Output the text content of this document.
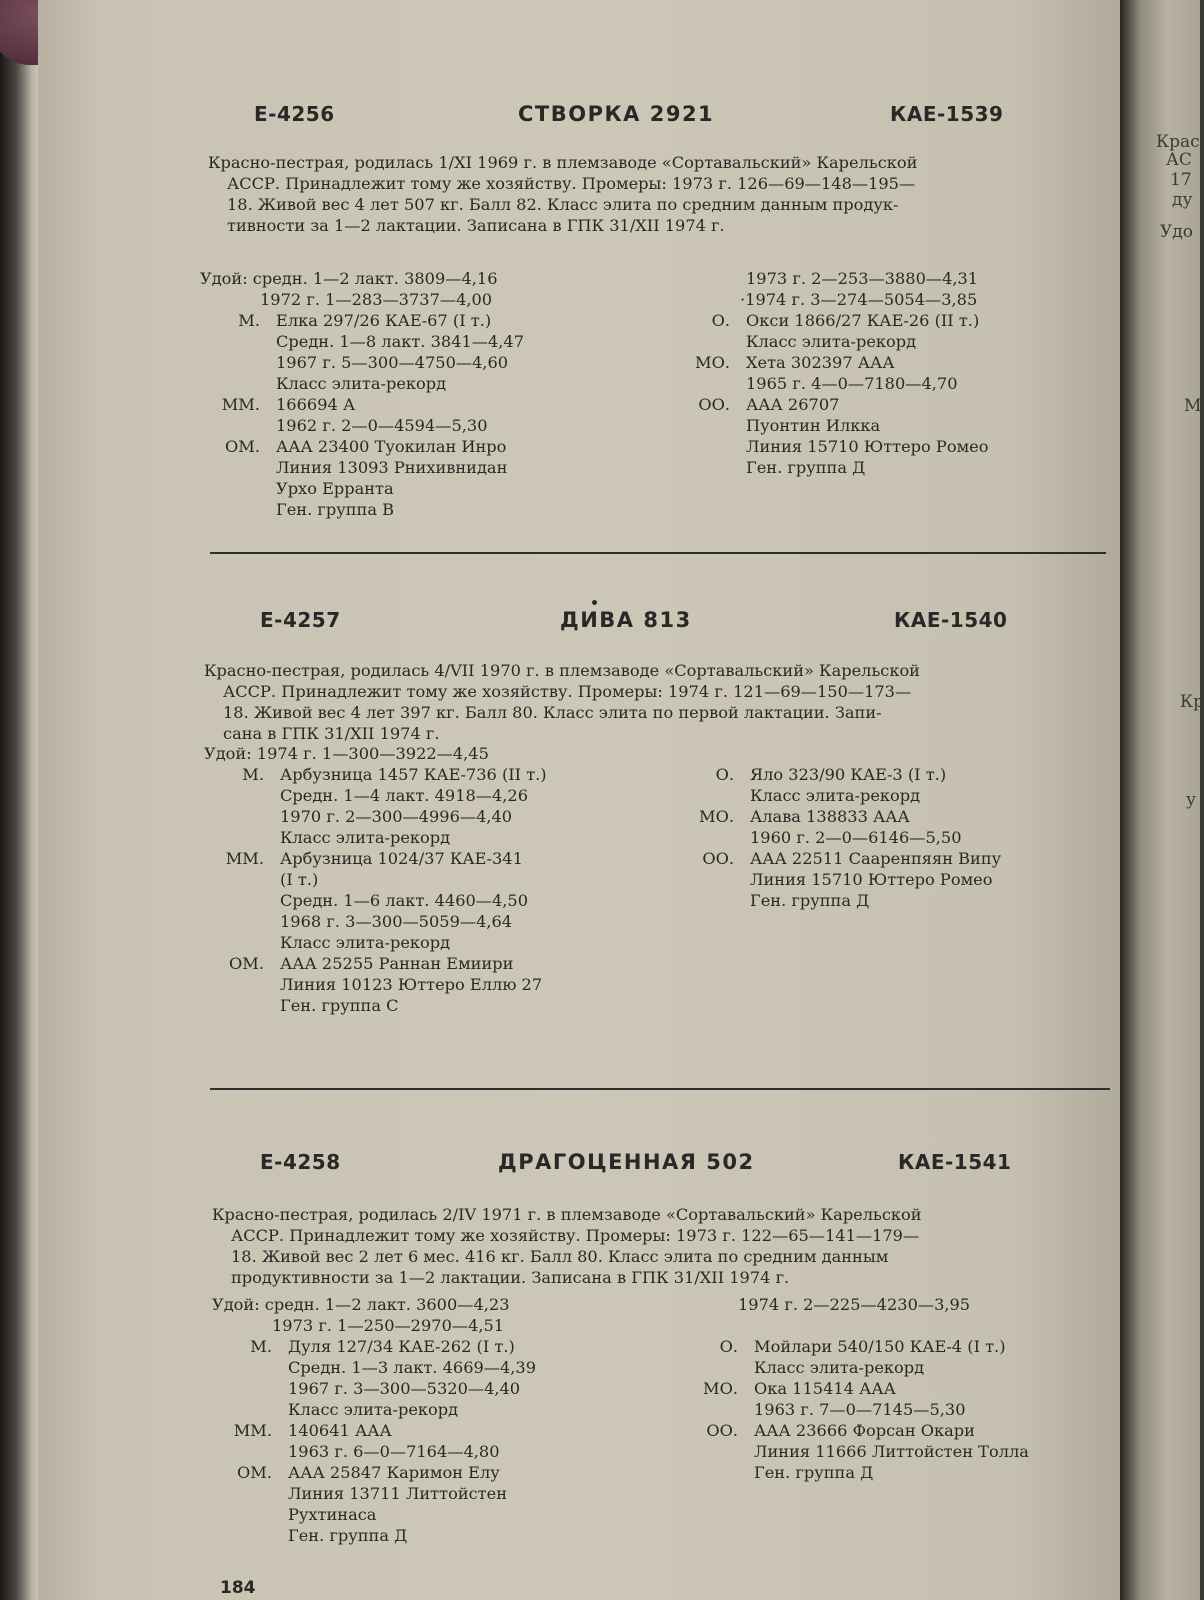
Е-4256	СТВОРКА 2921	КАЕ-1539

Красно-пестрая, родилась 1/XI 1969 г. в племзаводе «Сортавальский» Карельской

АССР. Принадлежит тому же хозяйству. Промеры: 1973 г. 126—69—148—195—

18. Живой вес 4 лет 507 кг. Балл 82. Класс элита по средним данным продук-

тивности за 1—2 лактации. Записана в ГПК 31/XII 1974 г.

Удой: средн. 1—2 лакт. 3809—4,16
1972 г. 1—283—3737—4,00
М. Елка 297/26 КАЕ-67 (I т.)
Средн. 1—8 лакт. 3841—4,47
1967 г. 5—300—4750—4,60
Класс элита-рекорд
ММ. 166694 А
1962 г. 2—0—4594—5,30
ОМ. ААА 23400 Туокилан Инро
Линия 13093 Рнихивнидан
Урхо Ерранта
Ген. группа В
1973 г. 2—253—3880—4,31
·1974 г. 3—274—5054—3,85
О. Окси 1866/27 КАЕ-26 (II т.)
Класс элита-рекорд
МО. Хета 302397 ААА
1965 г. 4—0—7180—4,70
ОО. ААА 26707
Пуонтин Илкка
Линия 15710 Юттеро Ромео
Ген. группа Д
Е-4257	ДИВА 813	КАЕ-1540

Красно-пестрая, родилась 4/VII 1970 г. в племзаводе «Сортавальский» Карельской

АССР. Принадлежит тому же хозяйству. Промеры: 1974 г. 121—69—150—173—

18. Живой вес 4 лет 397 кг. Балл 80. Класс элита по первой лактации. Запи-

сана в ГПК 31/XII 1974 г.

Удой: 1974 г. 1—300—3922—4,45
М. Арбузница 1457 КАЕ-736 (II т.)
Средн. 1—4 лакт. 4918—4,26
1970 г. 2—300—4996—4,40
Класс элита-рекорд
ММ. Арбузница 1024/37 КАЕ-341
(I т.)
Средн. 1—6 лакт. 4460—4,50
1968 г. 3—300—5059—4,64
Класс элита-рекорд
ОМ. ААА 25255 Раннан Емиири
Линия 10123 Юттеро Еллю 27
Ген. группа С
О. Яло 323/90 КАЕ-3 (I т.)
Класс элита-рекорд
МО. Алава 138833 ААА
1960 г. 2—0—6146—5,50
ОО. ААА 22511 Сааренпяян Випу
Линия 15710 Юттеро Ромео
Ген. группа Д
Е-4258	ДРАГОЦЕННАЯ 502	КАЕ-1541

Красно-пестрая, родилась 2/IV 1971 г. в племзаводе «Сортавальский» Карельской

АССР. Принадлежит тому же хозяйству. Промеры: 1973 г. 122—65—141—179—

18. Живой вес 2 лет 6 мес. 416 кг. Балл 80. Класс элита по средним данным

продуктивности за 1—2 лактации. Записана в ГПК 31/XII 1974 г.

Удой: средн. 1—2 лакт. 3600—4,23
1973 г. 1—250—2970—4,51
М. Дуля 127/34 КАЕ-262 (I т.)
Средн. 1—3 лакт. 4669—4,39
1967 г. 3—300—5320—4,40
Класс элита-рекорд
ММ. 140641 ААА
1963 г. 6—0—7164—4,80
ОМ. ААА 25847 Каримон Елу
Линия 13711 Литтойстен
Рухтинаса
Ген. группа Д
1974 г. 2—225—4230—3,95
О. Мойлари 540/150 КАЕ-4 (I т.)
Класс элита-рекорд
МО. Ока 115414 ААА
1963 г. 7—0—7145—5,30
ОО. ААА 23666 Форсан Окари
Линия 11666 Литтойстен Толла
Ген. группа Д
184
Крас
АС
17
ду
Удо
М
Кр
у
